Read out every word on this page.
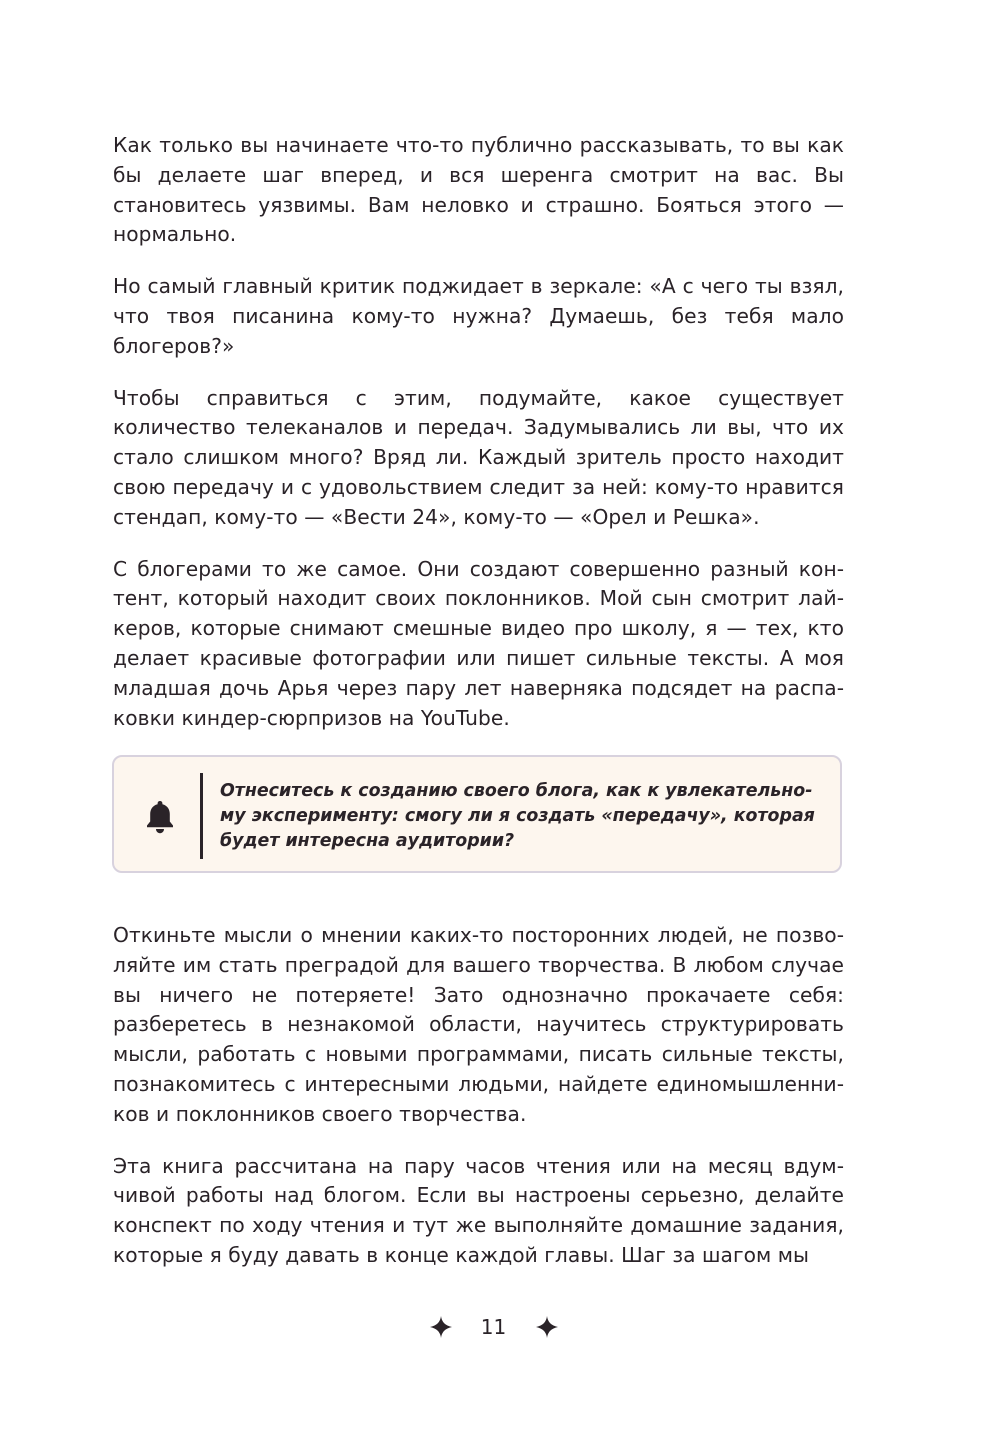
Как только вы начинаете что-то публично рассказывать, то вы как бы делаете шаг вперед, и вся шеренга смотрит на вас. Вы становитесь уязвимы. Вам неловко и страшно. Бояться этого — нормально.

Но самый главный критик поджидает в зеркале: «А с чего ты взял, что твоя писанина кому-то нужна? Думаешь, без тебя мало блогеров?»

Чтобы справиться с этим, подумайте, какое существует количество телеканалов и передач. Задумывались ли вы, что их стало слишком много? Вряд ли. Каждый зритель просто находит свою передачу и с удовольствием следит за ней: кому-то нравится стендап, кому-то — «Вести 24», кому-то — «Орел и Решка».

С блогерами то же самое. Они создают совершенно разный контент, который находит своих поклонников. Мой сын смотрит лайкеров, которые снимают смешные видео про школу, я — тех, кто делает красивые фотографии или пишет сильные тексты. А моя младшая дочь Арья через пару лет наверняка подсядет на распаковки киндер-сюрпризов на YouTube.

Отнеситесь к созданию своего блога, как к увлекательному эксперименту: смогу ли я создать «передачу», которая будет интересна аудитории?

Откиньте мысли о мнении каких-то посторонних людей, не позволяйте им стать преградой для вашего творчества. В любом случае вы ничего не потеряете! Зато однозначно прокачаете себя: разберетесь в незнакомой области, научитесь структурировать мысли, работать с новыми программами, писать сильные тексты, познакомитесь с интересными людьми, найдете единомышленников и поклонников своего творчества.

Эта книга рассчитана на пару часов чтения или на месяц вдумчивой работы над блогом. Если вы настроены серьезно, делайте конспект по ходу чтения и тут же выполняйте домашние задания, которые я буду давать в конце каждой главы. Шаг за шагом мы

11
